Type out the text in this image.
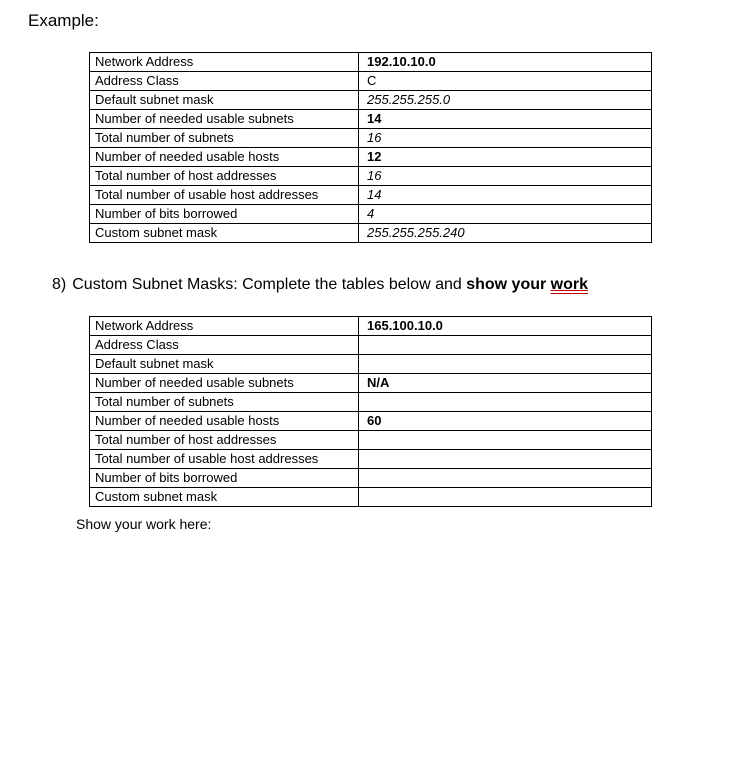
Example:
Network Address	192.10.10.0
Address Class	C
Default subnet mask	255.255.255.0
Number of needed usable subnets	14
Total number of subnets	16
Number of needed usable hosts	12
Total number of host addresses	16
Total number of usable host addresses	14
Number of bits borrowed	4
Custom subnet mask	255.255.255.240
8) Custom Subnet Masks: Complete the tables below and show your work
Network Address	165.100.10.0
Address Class	
Default subnet mask	
Number of needed usable subnets	N/A
Total number of subnets	
Number of needed usable hosts	60
Total number of host addresses	
Total number of usable host addresses	
Number of bits borrowed	
Custom subnet mask	
Show your work here:
